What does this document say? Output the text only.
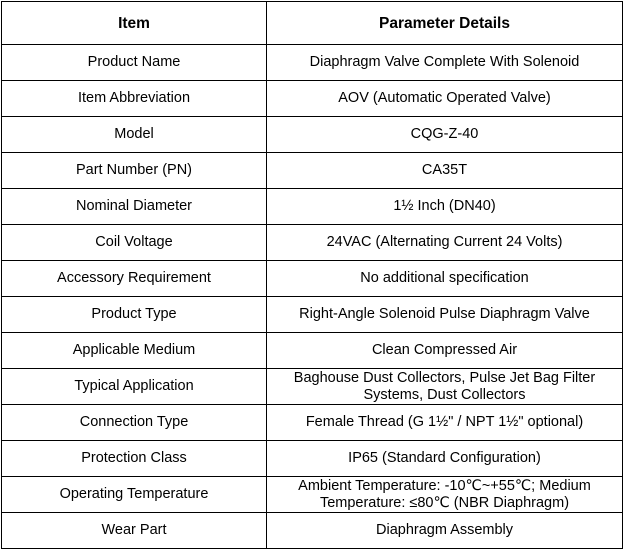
Item	Parameter Details
Product Name	Diaphragm Valve Complete With Solenoid
Item Abbreviation	AOV (Automatic Operated Valve)
Model	CQG-Z-40
Part Number (PN)	CA35T
Nominal Diameter	1½ Inch (DN40)
Coil Voltage	24VAC (Alternating Current 24 Volts)
Accessory Requirement	No additional specification
Product Type	Right-Angle Solenoid Pulse Diaphragm Valve
Applicable Medium	Clean Compressed Air
Typical Application	Baghouse Dust Collectors, Pulse Jet Bag Filter Systems, Dust Collectors
Connection Type	Female Thread (G 1½" / NPT 1½" optional)
Protection Class	IP65 (Standard Configuration)
Operating Temperature	Ambient Temperature: -10℃~+55℃; Medium Temperature: ≤80℃ (NBR Diaphragm)
Wear Part	Diaphragm Assembly
